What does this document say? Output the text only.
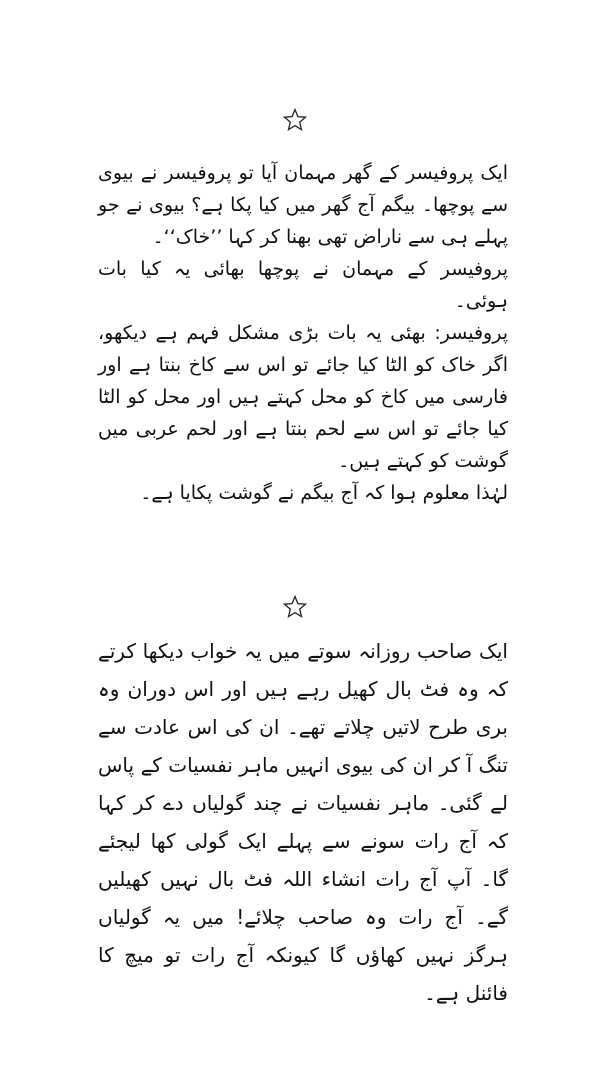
ایک پروفیسر کے گھر مہمان آیا تو پروفیسر نے بیوی سے پوچھا۔ بیگم آج گھر میں کیا پکا ہے؟ بیوی نے جو پہلے ہی سے ناراض تھی بھنا کر کہا ’’خاک‘‘۔

پروفیسر کے مہمان نے پوچھا بھائی یہ کیا بات ہوئی۔

پروفیسر: بھئی یہ بات بڑی مشکل فہم ہے دیکھو، اگر خاک کو الٹا کیا جائے تو اس سے کاخ بنتا ہے اور فارسی میں کاخ کو محل کہتے ہیں اور محل کو الٹا کیا جائے تو اس سے لحم بنتا ہے اور لحم عربی میں گوشت کو کہتے ہیں۔

لہٰذا معلوم ہوا کہ آج بیگم نے گوشت پکایا ہے۔

ایک صاحب روزانہ سوتے میں یہ خواب دیکھا کرتے کہ وہ فٹ بال کھیل رہے ہیں اور اس دوران وہ بری طرح لاتیں چلاتے تھے۔ ان کی اس عادت سے تنگ آ کر ان کی بیوی انہیں ماہر نفسیات کے پاس لے گئی۔ ماہر نفسیات نے چند گولیاں دے کر کہا کہ آج رات سونے سے پہلے ایک گولی کھا لیجئے گا۔ آپ آج رات انشاء اللہ فٹ بال نہیں کھیلیں گے۔ آج رات وہ صاحب چلائے! میں یہ گولیاں ہرگز نہیں کھاؤں گا کیونکہ آج رات تو میچ کا فائنل ہے۔
